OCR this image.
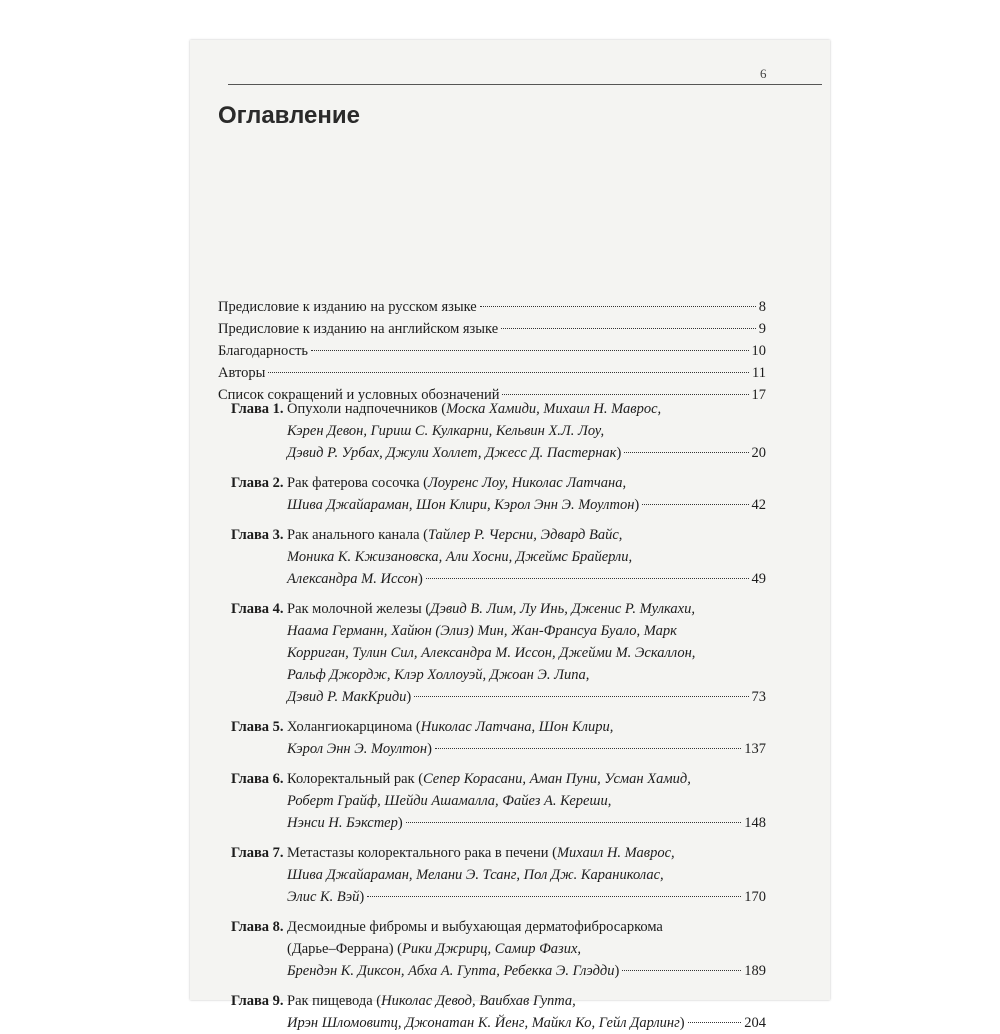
6
Оглавление
Предисловие к изданию на русском языке	8
Предисловие к изданию на английском языке	9
Благодарность	10
Авторы	11
Список сокращений и условных обозначений	17
Глава 1. Опухоли надпочечников (Моска Хамиди, Михаил Н. Маврос,
Кэрен Девон, Гириш С. Кулкарни, Кельвин Х.Л. Лоу,
Дэвид Р. Урбах, Джули Холлет, Джесс Д. Пастернак)	20
Глава 2. Рак фатерова сосочка (Лоуренс Лоу, Николас Латчана,
Шива Джайараман, Шон Клири, Кэрол Энн Э. Моултон)	42
Глава 3. Рак анального канала (Тайлер Р. Черсни, Эдвард Вайс,
Моника К. Кжизановска, Али Хосни, Джеймс Брайерли,
Александра М. Иссон)	49
Глава 4. Рак молочной железы (Дэвид В. Лим, Лу Инь, Дженис Р. Мулкахи,
Наама Германн, Хайюн (Элиз) Мин, Жан-Франсуа Буало, Марк
Корриган, Тулин Сил, Александра М. Иссон, Джейми М. Эскаллон,
Ральф Джордж, Клэр Холлоуэй, Джоан Э. Липа,
Дэвид Р. МакКриди)	73
Глава 5. Холангиокарцинома (Николас Латчана, Шон Клири,
Кэрол Энн Э. Моултон)	137
Глава 6. Колоректальный рак (Сепер Корасани, Аман Пуни, Усман Хамид,
Роберт Грайф, Шейди Ашамалла, Файез А. Кереши,
Нэнси Н. Бэкстер)	148
Глава 7. Метастазы колоректального рака в печени (Михаил Н. Маврос,
Шива Джайараман, Мелани Э. Тсанг, Пол Дж. Караниколас,
Элис К. Вэй)	170
Глава 8. Десмоидные фибромы и выбухающая дерматофибросаркома
(Дарье–Феррана) (Рики Джрирц, Самир Фазих,
Брендэн К. Диксон, Абха А. Гупта, Ребекка Э. Глэдди)	189
Глава 9. Рак пищевода (Николас Девод, Ваибхав Гупта,
Ирэн Шломовитц, Джонатан К. Йенг, Майкл Ко, Гейл Дарлинг)	204
